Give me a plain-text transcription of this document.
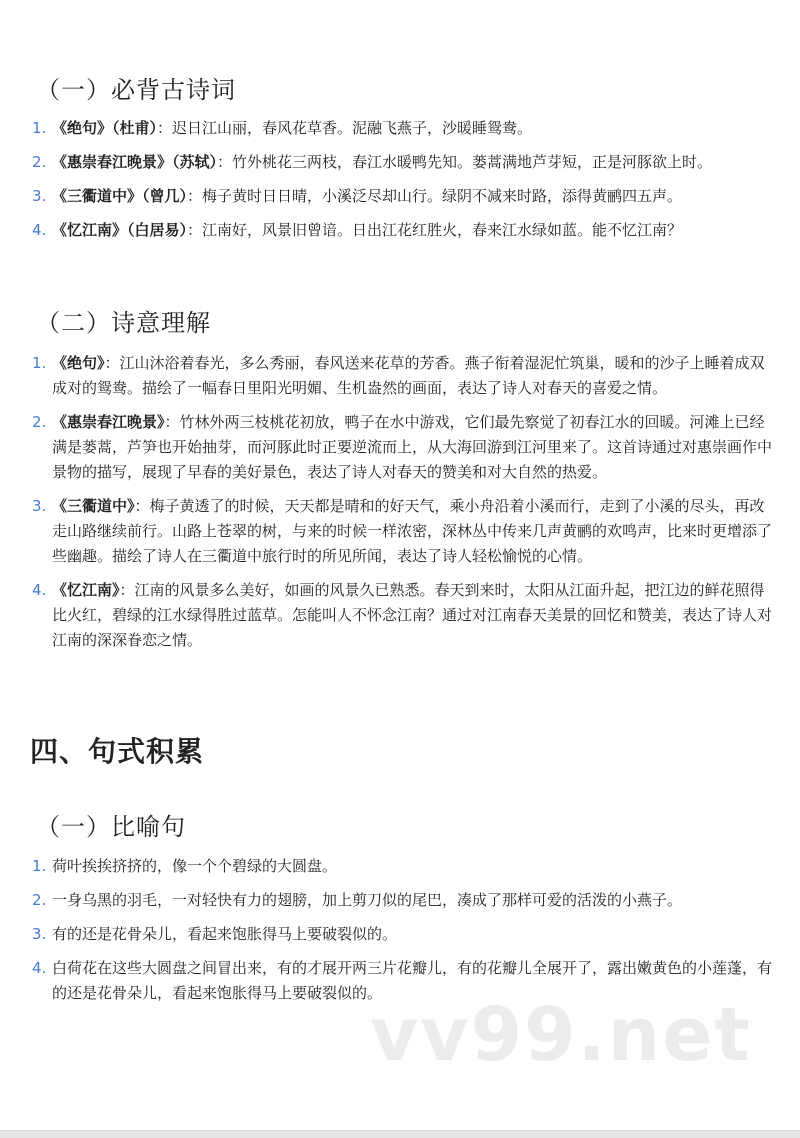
（一）必背古诗词
1. 《绝句》（杜甫）：迟日江山丽，春风花草香。泥融飞燕子，沙暖睡鸳鸯。
2. 《惠崇春江晚景》（苏轼）：竹外桃花三两枝，春江水暖鸭先知。蒌蒿满地芦芽短，正是河豚欲上时。
3. 《三衢道中》（曾几）：梅子黄时日日晴，小溪泛尽却山行。绿阴不减来时路，添得黄鹂四五声。
4. 《忆江南》（白居易）：江南好，风景旧曾谙。日出江花红胜火，春来江水绿如蓝。能不忆江南？
（二）诗意理解
1. 《绝句》：江山沐浴着春光，多么秀丽，春风送来花草的芳香。燕子衔着湿泥忙筑巢，暖和的沙子上睡着成双成对的鸳鸯。描绘了一幅春日里阳光明媚、生机盎然的画面，表达了诗人对春天的喜爱之情。
2. 《惠崇春江晚景》：竹林外两三枝桃花初放，鸭子在水中游戏，它们最先察觉了初春江水的回暖。河滩上已经满是蒌蒿，芦笋也开始抽芽，而河豚此时正要逆流而上，从大海回游到江河里来了。这首诗通过对惠崇画作中景物的描写，展现了早春的美好景色，表达了诗人对春天的赞美和对大自然的热爱。
3. 《三衢道中》：梅子黄透了的时候，天天都是晴和的好天气，乘小舟沿着小溪而行，走到了小溪的尽头，再改走山路继续前行。山路上苍翠的树，与来的时候一样浓密，深林丛中传来几声黄鹂的欢鸣声，比来时更增添了些幽趣。描绘了诗人在三衢道中旅行时的所见所闻，表达了诗人轻松愉悦的心情。
4. 《忆江南》：江南的风景多么美好，如画的风景久已熟悉。春天到来时，太阳从江面升起，把江边的鲜花照得比火红，碧绿的江水绿得胜过蓝草。怎能叫人不怀念江南？通过对江南春天美景的回忆和赞美，表达了诗人对江南的深深眷恋之情。
四、句式积累
（一）比喻句
1. 荷叶挨挨挤挤的，像一个个碧绿的大圆盘。
2. 一身乌黑的羽毛，一对轻快有力的翅膀，加上剪刀似的尾巴，凑成了那样可爱的活泼的小燕子。
3. 有的还是花骨朵儿，看起来饱胀得马上要破裂似的。
4. 白荷花在这些大圆盘之间冒出来，有的才展开两三片花瓣儿，有的花瓣儿全展开了，露出嫩黄色的小莲蓬，有的还是花骨朵儿，看起来饱胀得马上要破裂似的。
vv99.net
